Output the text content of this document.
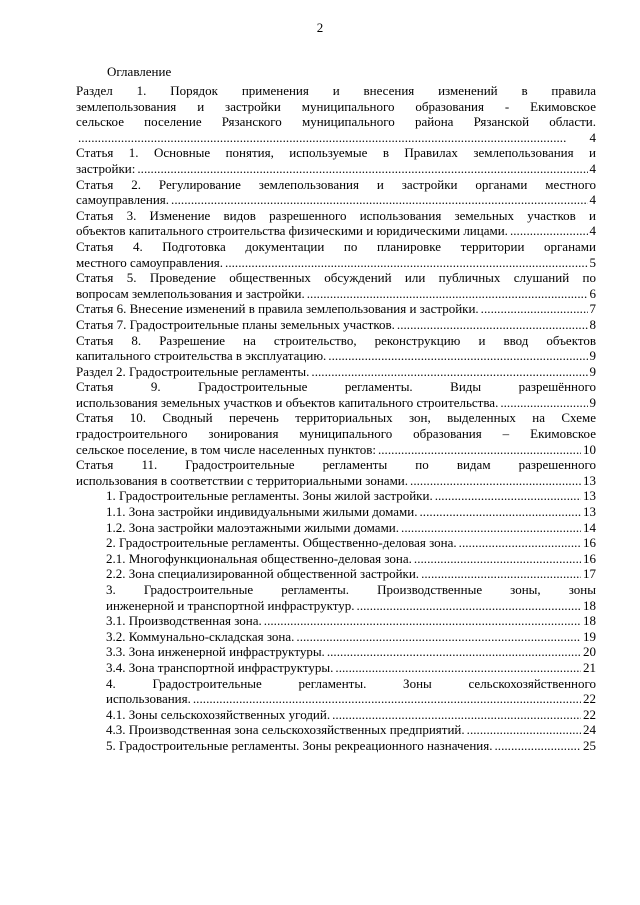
2
Оглавление
Раздел 1. Порядок применения и внесения изменений в правила
землепользования и застройки муниципального образования - Екимовское
сельское поселение Рязанского муниципального района Рязанской области.
. . .
4
Статья 1. Основные понятия, используемые в Правилах землепользования и
застройки: . . .	4
Статья 2. Регулирование землепользования и застройки органами местного
самоуправления. . . .	4
Статья 3. Изменение видов разрешенного использования земельных участков и
объектов капитального строительства физическими и юридическими лицами. . . .	4
Статья 4. Подготовка документации по планировке территории органами
местного самоуправления. . . .	5
Статья 5. Проведение общественных обсуждений или публичных слушаний по
вопросам землепользования и застройки. . . .	6
Статья 6. Внесение изменений в правила землепользования и застройки. . . .	7
Статья 7. Градостроительные планы земельных участков. . . .	8
Статья 8. Разрешение на строительство, реконструкцию и ввод объектов
капитального строительства в эксплуатацию. . . .	9
Раздел 2. Градостроительные регламенты. . . .	9
Статья 9. Градостроительные регламенты. Виды разрешённого
использования земельных участков и объектов капитального строительства. . . .	9
Статья 10. Сводный перечень территориальных зон, выделенных на Схеме
градостроительного зонирования муниципального образования – Екимовское
сельское поселение, в том числе населенных пунктов: . . .	10
Статья 11. Градостроительные регламенты по видам разрешенного
использования в соответствии с территориальными зонами. . . .	13
1. Градостроительные регламенты. Зоны жилой застройки. . . .	13
1.1. Зона застройки индивидуальными жилыми домами. . . .	13
1.2. Зона застройки малоэтажными жилыми домами. . . .	14
2. Градостроительные регламенты. Общественно-деловая зона. . . .	16
2.1. Многофункциональная общественно-деловая зона. . . .	16
2.2. Зона специализированной общественной застройки. . . .	17
3. Градостроительные регламенты. Производственные зоны, зоны
инженерной и транспортной инфраструктур. . . .	18
3.1. Производственная зона. . . .	18
3.2. Коммунально-складская зона. . . .	19
3.3. Зона инженерной инфраструктуры. . . .	20
3.4. Зона транспортной инфраструктуры. . . .	21
4. Градостроительные регламенты. Зоны сельскохозяйственного
использования. . . .	22
4.1. Зоны сельскохозяйственных угодий. . . .	22
4.3. Производственная зона сельскохозяйственных предприятий. . . .	24
5. Градостроительные регламенты. Зоны рекреационного назначения. . . .	25
